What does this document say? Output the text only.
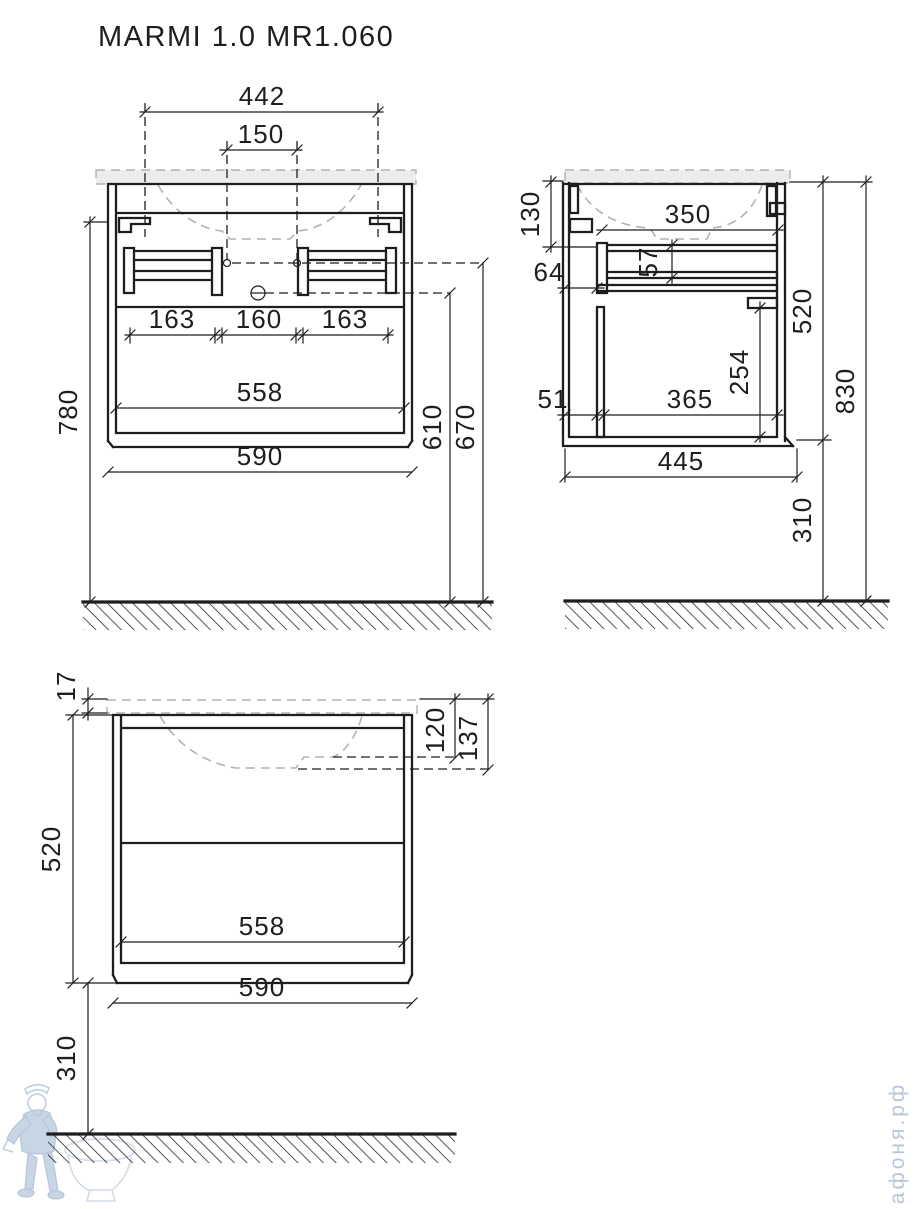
MARMI 1.0 MR1.060
афоня.рф
442
150
163 160 163
558
590
780	610 670
130	350
57
64
51	365
254
445
520
310
830
17
120 137
520
558
590
310
